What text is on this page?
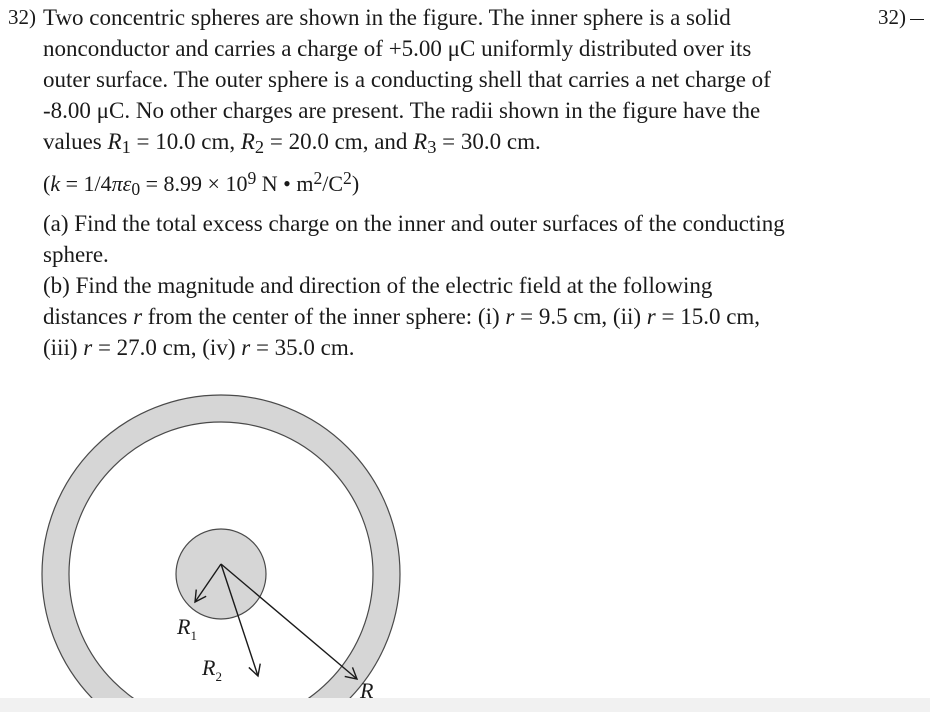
32)	32)

Two concentric spheres are shown in the figure. The inner sphere is a solid

nonconductor and carries a charge of +5.00 μC uniformly distributed over its

outer surface. The outer sphere is a conducting shell that carries a net charge of

-8.00 μC. No other charges are present. The radii shown in the figure have the

values R1 = 10.0 cm, R2 = 20.0 cm, and R3 = 30.0 cm.

($k = 1/4\pi\varepsilon 0 = 8.99 \times 10^9$ N • $m^2/C^2$)

(a) Find the total excess charge on the inner and outer surfaces of the conducting

sphere.

(b) Find the magnitude and direction of the electric field at the following

distances r from the center of the inner sphere: (i) r = 9.5 cm, (ii) r = 15.0 cm,

(iii) r = 27.0 cm, (iv) r = 35.0 cm.

$R_1$
$R_2$
R
